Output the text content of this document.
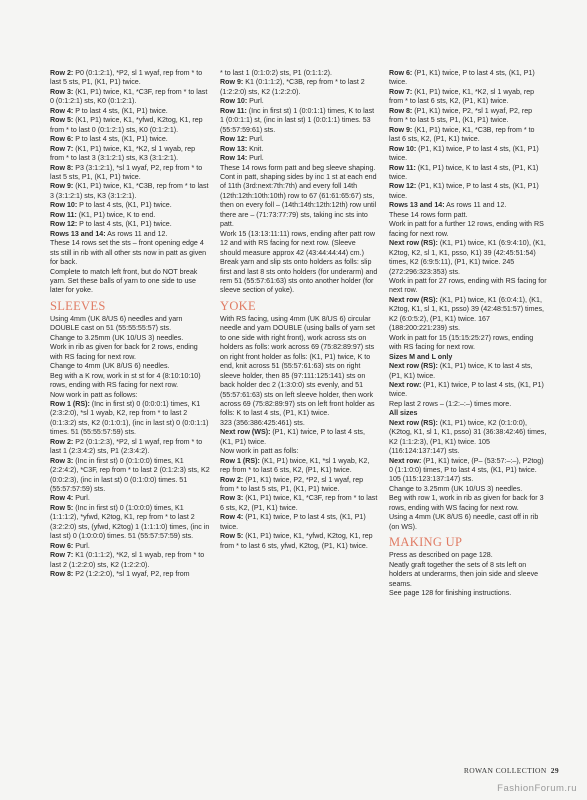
Row 2: P0 (0:1:2:1), *P2, sl 1 wyaf, rep from * to last 5 sts, P1, (K1, P1) twice.

Row 3: (K1, P1) twice, K1, *C3F, rep from * to last 0 (0:1:2:1) sts, K0 (0:1:2:1).

Row 4: P to last 4 sts, (K1, P1) twice.

Row 5: (K1, P1) twice, K1, *yfwd, K2tog, K1, rep from * to last 0 (0:1:2:1) sts, K0 (0:1:2:1).

Row 6: P to last 4 sts, (K1, P1) twice.

Row 7: (K1, P1) twice, K1, *K2, sl 1 wyab, rep from * to last 3 (3:1:2:1) sts, K3 (3:1:2:1).

Row 8: P3 (3:1:2:1), *sl 1 wyaf, P2, rep from * to last 5 sts, P1, (K1, P1) twice.

Row 9: (K1, P1) twice, K1, *C3B, rep from * to last 3 (3:1:2:1) sts, K3 (3:1:2:1).

Row 10: P to last 4 sts, (K1, P1) twice.

Row 11: (K1, P1) twice, K to end.

Row 12: P to last 4 sts, (K1, P1) twice.

Rows 13 and 14: As rows 11 and 12.

These 14 rows set the sts – front opening edge 4 sts still in rib with all other sts now in patt as given for back.

Complete to match left front, but do NOT break yarn. Set these balls of yarn to one side to use later for yoke.

SLEEVES

Using 4mm (UK 8/US 6) needles and yarn DOUBLE cast on 51 (55:55:55:57) sts.

Change to 3.25mm (UK 10/US 3) needles.

Work in rib as given for back for 2 rows, ending with RS facing for next row.

Change to 4mm (UK 8/US 6) needles.

Beg with a K row, work in st st for 4 (8:10:10:10) rows, ending with RS facing for next row.

Now work in patt as follows:

Row 1 (RS): (Inc in first st) 0 (0:0:0:1) times, K1 (2:3:2:0), *sl 1 wyab, K2, rep from * to last 2 (0:1:3:2) sts, K2 (0:1:0:1), (inc in last st) 0 (0:0:1:1) times. 51 (55:55:57:59) sts.

Row 2: P2 (0:1:2:3), *P2, sl 1 wyaf, rep from * to last 1 (2:3:4:2) sts, P1 (2:3:4:2).

Row 3: (Inc in first st) 0 (0:1:0:0) times, K1 (2:2:4:2), *C3F, rep from * to last 2 (0:1:2:3) sts, K2 (0:0:2:3), (inc in last st) 0 (0:1:0:0) times. 51 (55:57:57:59) sts.

Row 4: Purl.

Row 5: (Inc in first st) 0 (1:0:0:0) times, K1 (1:1:1:2), *yfwd, K2tog, K1, rep from * to last 2 (3:2:2:0) sts, (yfwd, K2tog) 1 (1:1:1:0) times, (inc in last st) 0 (1:0:0:0) times. 51 (55:57:57:59) sts.

Row 6: Purl.

Row 7: K1 (0:1:1:2), *K2, sl 1 wyab, rep from * to last 2 (1:2:2:0) sts, K2 (1:2:2:0).

Row 8: P2 (1:2:2:0), *sl 1 wyaf, P2, rep from

* to last 1 (0:1:0:2) sts, P1 (0:1:1:2).

Row 9: K1 (0:1:1:2), *C3B, rep from * to last 2 (1:2:2:0) sts, K2 (1:2:2:0).

Row 10: Purl.

Row 11: (Inc in first st) 1 (0:0:1:1) times, K to last 1 (0:0:1:1) st, (inc in last st) 1 (0:0:1:1) times. 53 (55:57:59:61) sts.

Row 12: Purl.

Row 13: Knit.

Row 14: Purl.

These 14 rows form patt and beg sleeve shaping.

Cont in patt, shaping sides by inc 1 st at each end of 11th (3rd:next:7th:7th) and every foll 14th (12th:12th:10th:10th) row to 67 (61:61:65:67) sts, then on every foll – (14th:14th:12th:12th) row until there are – (71:73:77:79) sts, taking inc sts into patt.

Work 15 (13:13:11:11) rows, ending after patt row 12 and with RS facing for next row. (Sleeve should measure approx 42 (43:44:44:44) cm.)

Break yarn and slip sts onto holders as folls: slip first and last 8 sts onto holders (for underarm) and rem 51 (55:57:61:63) sts onto another holder (for sleeve section of yoke).

YOKE

With RS facing, using 4mm (UK 8/US 6) circular needle and yarn DOUBLE (using balls of yarn set to one side with right front), work across sts on holders as folls: work across 69 (75:82:89:97) sts on right front holder as folls: (K1, P1) twice, K to end, knit across 51 (55:57:61:63) sts on right sleeve holder, then 85 (97:111:125:141) sts on back holder dec 2 (1:3:0:0) sts evenly, and 51 (55:57:61:63) sts on left sleeve holder, then work across 69 (75:82:89:97) sts on left front holder as folls: K to last 4 sts, (P1, K1) twice.

323 (356:386:425:461) sts.

Next row (WS): (P1, K1) twice, P to last 4 sts, (K1, P1) twice.

Now work in patt as folls:

Row 1 (RS): (K1, P1) twice, K1, *sl 1 wyab, K2, rep from * to last 6 sts, K2, (P1, K1) twice.

Row 2: (P1, K1) twice, P2, *P2, sl 1 wyaf, rep from * to last 5 sts, P1, (K1, P1) twice.

Row 3: (K1, P1) twice, K1, *C3F, rep from * to last 6 sts, K2, (P1, K1) twice.

Row 4: (P1, K1) twice, P to last 4 sts, (K1, P1) twice.

Row 5: (K1, P1) twice, K1, *yfwd, K2tog, K1, rep from * to last 6 sts, yfwd, K2tog, (P1, K1) twice.

Row 6: (P1, K1) twice, P to last 4 sts, (K1, P1) twice.

Row 7: (K1, P1) twice, K1, *K2, sl 1 wyab, rep from * to last 6 sts, K2, (P1, K1) twice.

Row 8: (P1, K1) twice, P2, *sl 1 wyaf, P2, rep from * to last 5 sts, P1, (K1, P1) twice.

Row 9: (K1, P1) twice, K1, *C3B, rep from * to last 6 sts, K2, (P1, K1) twice.

Row 10: (P1, K1) twice, P to last 4 sts, (K1, P1) twice.

Row 11: (K1, P1) twice, K to last 4 sts, (P1, K1) twice.

Row 12: (P1, K1) twice, P to last 4 sts, (K1, P1) twice.

Rows 13 and 14: As rows 11 and 12.

These 14 rows form patt.

Work in patt for a further 12 rows, ending with RS facing for next row.

Next row (RS): (K1, P1) twice, K1 (6:9:4:10), (K1, K2tog, K2, sl 1, K1, psso, K1) 39 (42:45:51:54) times, K2 (6:9:5:11), (P1, K1) twice. 245 (272:296:323:353) sts.

Work in patt for 27 rows, ending with RS facing for next row.

Next row (RS): (K1, P1) twice, K1 (6:0:4:1), (K1, K2tog, K1, sl 1, K1, psso) 39 (42:48:51:57) times, K2 (6:0:5:2), (P1, K1) twice. 167 (188:200:221:239) sts.

Work in patt for 15 (15:15:25:27) rows, ending with RS facing for next row.

Sizes M and L only

Next row (RS): (K1, P1) twice, K to last 4 sts, (P1, K1) twice.

Next row: (P1, K1) twice, P to last 4 sts, (K1, P1) twice.

Rep last 2 rows – (1:2:–:–) times more.

All sizes

Next row (RS): (K1, P1) twice, K2 (0:1:0:0), (K2tog, K1, sl 1, K1, psso) 31 (36:38:42:46) times, K2 (1:1:2:3), (P1, K1) twice. 105 (116:124:137:147) sts.

Next row: (P1, K1) twice, (P– (53:57:–:–), P2tog) 0 (1:1:0:0) times, P to last 4 sts, (K1, P1) twice. 105 (115:123:137:147) sts.

Change to 3.25mm (UK 10/US 3) needles.

Beg with row 1, work in rib as given for back for 3 rows, ending with WS facing for next row.

Using a 4mm (UK 8/US 6) needle, cast off in rib (on WS).

MAKING UP

Press as described on page 128.

Neatly graft together the sets of 8 sts left on holders at underarms, then join side and sleeve seams.

See page 128 for finishing instructions.

ROWAN COLLECTION 29
FashionForum.ru
